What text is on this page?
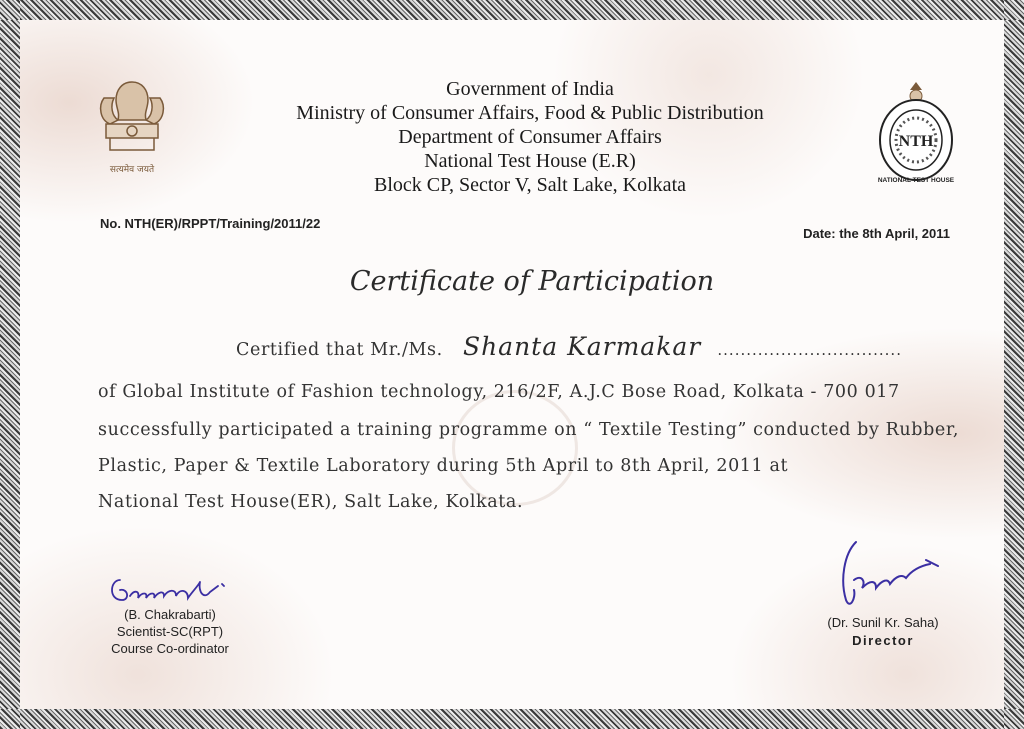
सत्यमेव जयते
NTH
NATIONAL TEST HOUSE
Government of India
Ministry of Consumer Affairs, Food & Public Distribution
Department of Consumer Affairs
National Test House (E.R)
Block CP, Sector V, Salt Lake, Kolkata
No. NTH(ER)/RPPT/Training/2011/22
Date: the 8th April, 2011
Certificate of Participation
Certified that Mr./Ms. Shanta Karmakar ................................
of Global Institute of Fashion technology, 216/2F, A.J.C Bose Road, Kolkata - 700 017
successfully participated a training programme on “ Textile Testing” conducted by Rubber,
Plastic, Paper & Textile Laboratory during 5th April to 8th April, 2011 at
National Test House(ER), Salt Lake, Kolkata.
(B. Chakrabarti)
Scientist-SC(RPT)
Course Co-ordinator
(Dr. Sunil Kr. Saha)
Director
